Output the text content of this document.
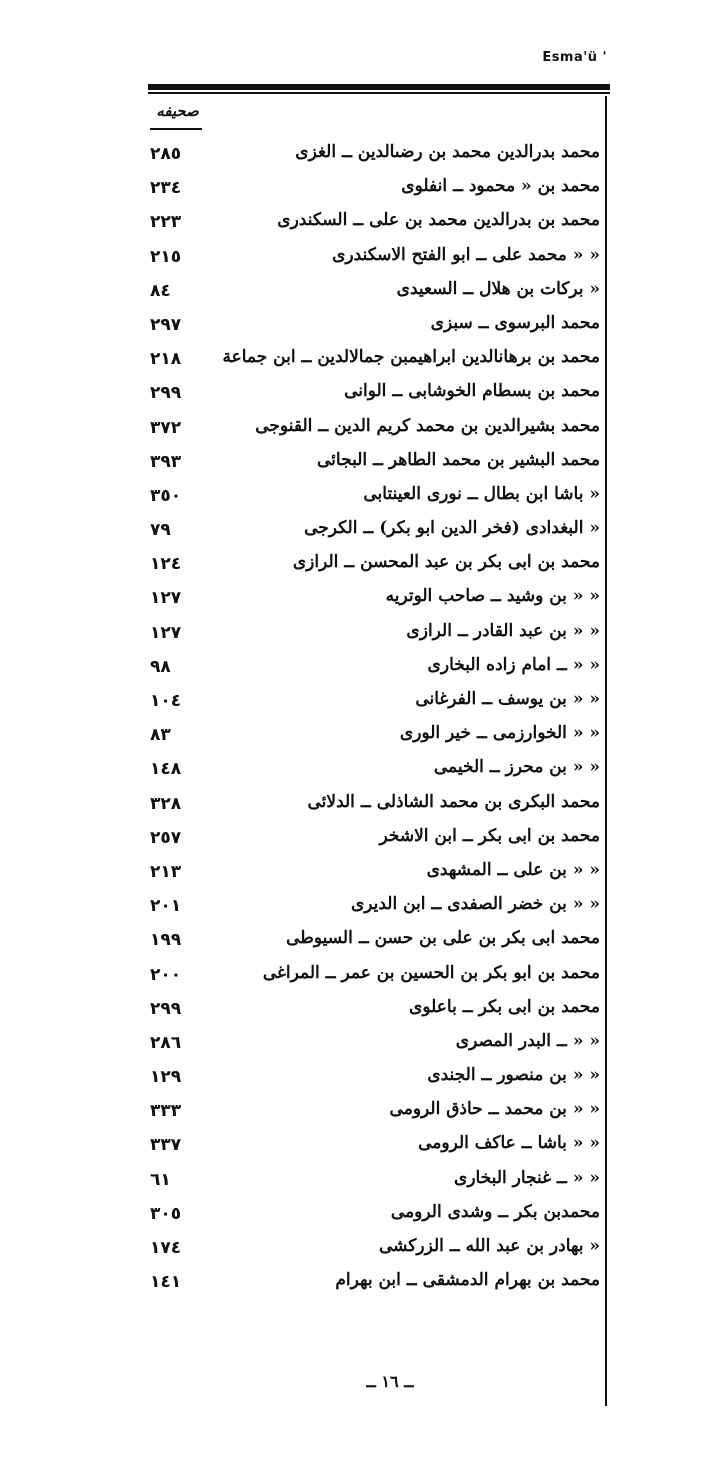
Esma'ü '
صحيفه
محمد بدرالدين محمد بن رضىالدين ــ الغزى
٢٨٥
محمد بن « محمود ــ انفلوى
٢٣٤
محمد بن بدرالدين محمد بن على ــ السكندرى
٢٢٣
« « محمد على ــ ابو الفتح الاسكندرى
٢١٥
« بركات بن هلال ــ السعيدى
٨٤
محمد البرسوى ــ سبزى
٢٩٧
محمد بن برهانالدين ابراهيمبن جمالالدين ــ ابن جماعة
٢١٨
محمد بن بسطام الخوشابى ــ الوانى
٢٩٩
محمد بشيرالدين بن محمد كريم الدين ــ القنوجى
٣٧٢
محمد البشير بن محمد الطاهر ــ البجائى
٣٩٣
« باشا ابن بطال ــ نورى العينتابى
٣٥٠
« البغدادى (فخر الدين ابو بكر) ــ الكرجى
٧٩
محمد بن ابى بكر بن عبد المحسن ــ الرازى
١٢٤
« « بن وشيد ــ صاحب الوتريه
١٢٧
« « بن عبد القادر ــ الرازى
١٢٧
« « ــ امام زاده البخارى
٩٨
« « بن يوسف ــ الفرغانى
١٠٤
« « الخوارزمى ــ خير الورى
٨٣
« « بن محرز ــ الخيمى
١٤٨
محمد البكرى بن محمد الشاذلى ــ الدلائى
٣٢٨
محمد بن ابى بكر ــ ابن الاشخر
٢٥٧
« « بن على ــ المشهدى
٢١٣
« « بن خضر الصفدى ــ ابن الديرى
٢٠١
محمد ابى بكر بن على بن حسن ــ السيوطى
١٩٩
محمد بن ابو بكر بن الحسين بن عمر ــ المراغى
٢٠٠
محمد بن ابى بكر ــ باعلوى
٢٩٩
« « ــ البدر المصرى
٢٨٦
« « بن منصور ــ الجندى
١٢٩
« « بن محمد ــ حاذق الرومى
٣٣٣
« « باشا ــ عاكف الرومى
٣٣٧
« « ــ غنجار البخارى
٦١
محمدبن بكر ــ وشدى الرومى
٣٠٥
« بهادر بن عبد الله ــ الزركشى
١٧٤
محمد بن بهرام الدمشقى ــ ابن بهرام
١٤١
ــ ١٦ ــ
